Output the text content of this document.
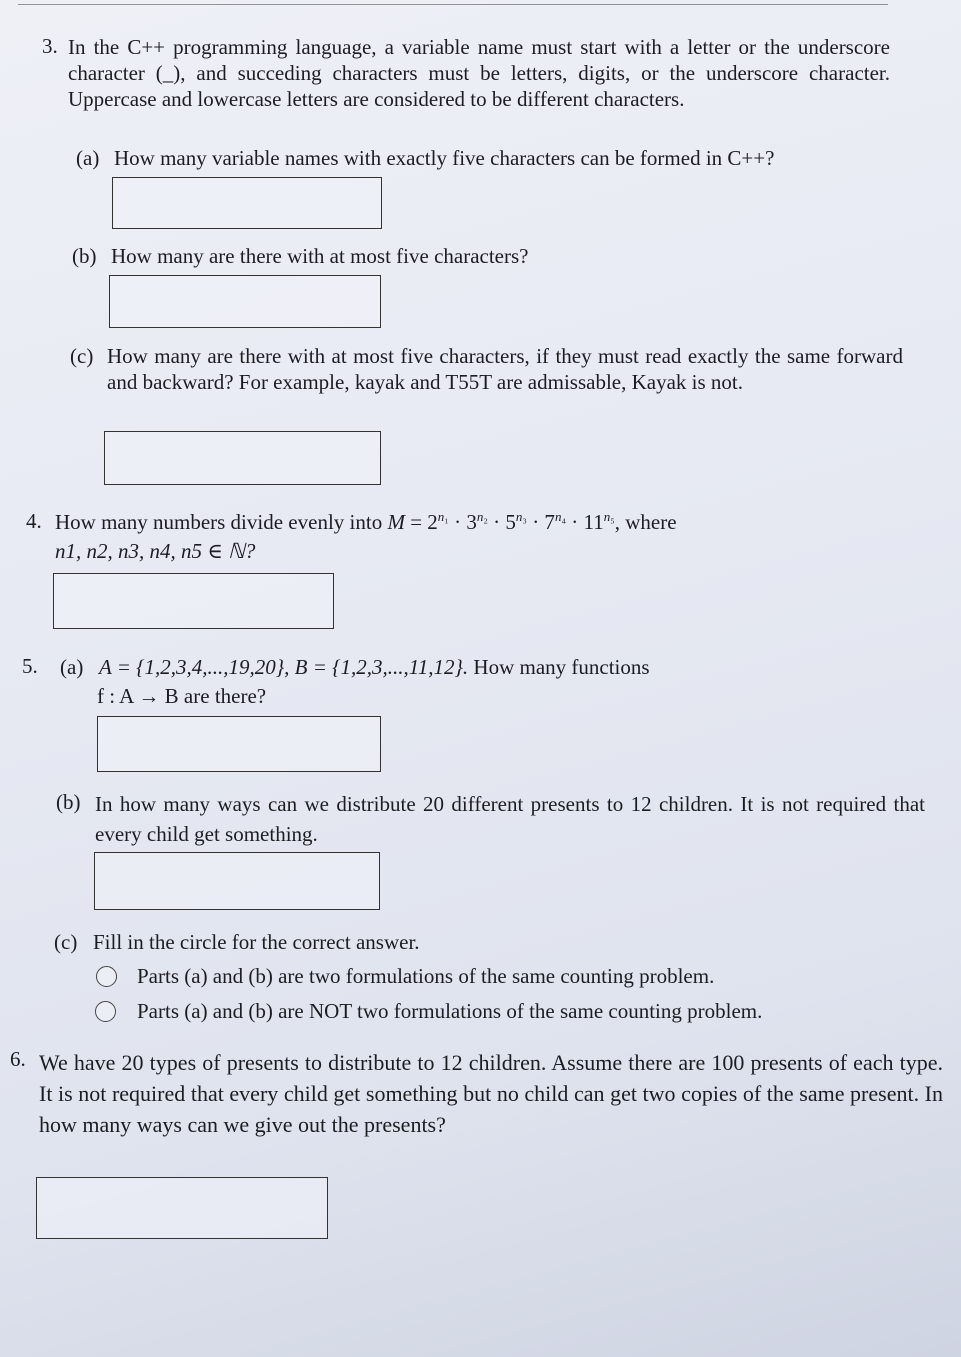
3. In the C++ programming language, a variable name must start with a letter or the underscore character (_), and succeding characters must be letters, digits, or the underscore character. Uppercase and lowercase letters are considered to be different characters.
(a) How many variable names with exactly five characters can be formed in C++?
(b) How many are there with at most five characters?
(c) How many are there with at most five characters, if they must read exactly the same forward and backward? For example, kayak and T55T are admissable, Kayak is not.
4. How many numbers divide evenly into $M = 2^{n_1} \cdot 3^{n_2} \cdot 5^{n_3} \cdot 7^{n_4} \cdot 11^{n_5}$, where
n1, n2, n3, n4, n5 ∈ ℕ?
5. (a) A = {1,2,3,4,...,19,20}, B = {1,2,3,...,11,12}. How many functions
f : A → B are there?
(b) In how many ways can we distribute 20 different presents to 12 children. It is not required that every child get something.
(c) Fill in the circle for the correct answer.
Parts (a) and (b) are two formulations of the same counting problem.
Parts (a) and (b) are NOT two formulations of the same counting problem.
6. We have 20 types of presents to distribute to 12 children. Assume there are 100 presents of each type. It is not required that every child get something but no child can get two copies of the same present. In how many ways can we give out the presents?
